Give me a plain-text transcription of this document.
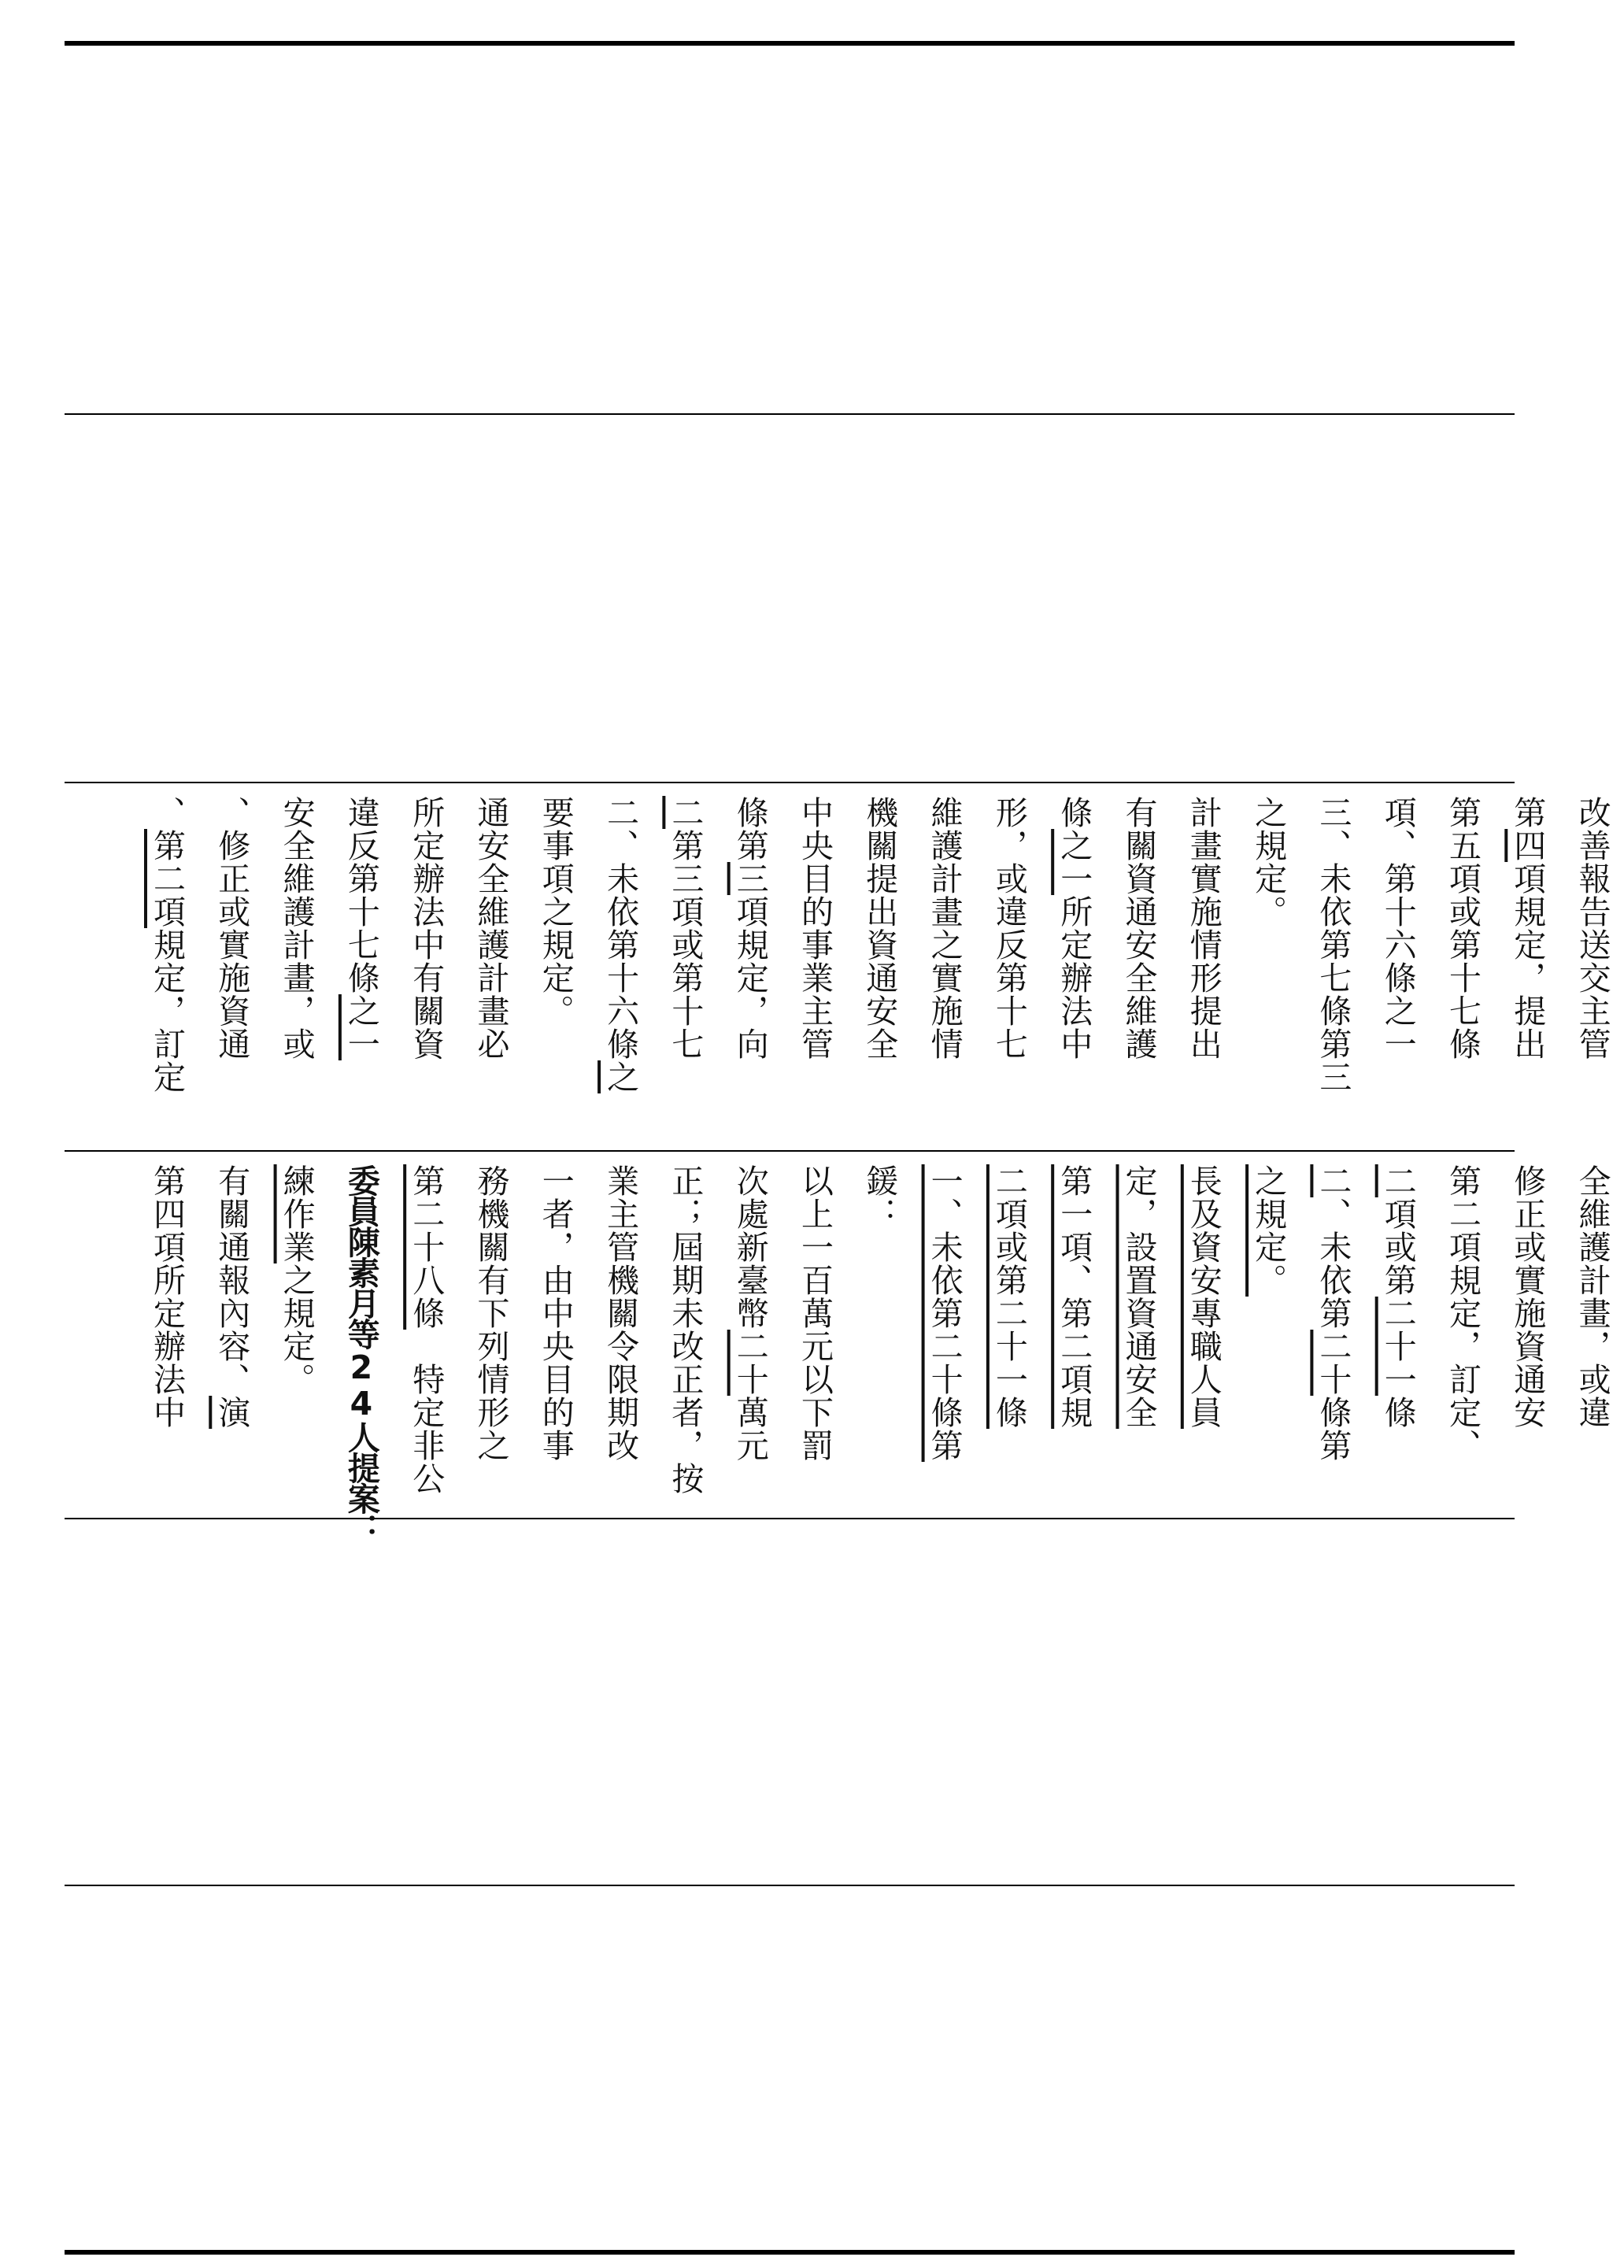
、第二項規定，訂定 、修正或實施資通 安全維護計畫，或 違反第十七條之一 所定辦法中有關資 通安全維護計畫必 要事項之規定。 二、未依第十六條之
二第三項或第十七 條第三項規定，向 中央目的事業主管 機關提出資通安全 維護計畫之實施情 形，或違反第十七 條之一所定辦法中 有關資通安全維護 計畫實施情形提出 之規定。 三、未依第七條第三 項、第十六條之一 第五項或第十七條 第四項規定，提出 改善報告送交主管
第四項所定辦法中 有關通報內容、演
練作業之規定。 委員陳素月等24人提案： 第二十八條　特定非公 務機關有下列情形之 一者，由中央目的事 業主管機關令限期改 正；屆期未改正者，按 次處新臺幣二十萬元 以上一百萬元以下罰 鍰： 一、未依第二十條第 二項或第二十一條 第一項、第二項規 定，設置資通安全 長及資安專職人員 之規定。 二、未依第二十條第
二項或第二十一條 第二項規定，訂定、 修正或實施資通安 全維護計畫，或違
